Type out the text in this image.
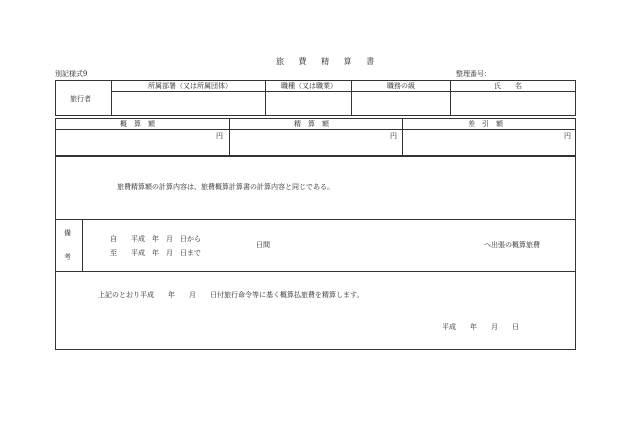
旅 費 精 算 書
別記様式9	整理番号：
旅行者
所属部署（又は所属団体）	職種（又は職業）	職務の級	氏　　名
概　算　額	精　算　額	差　引　額
円	円	円
旅費精算額の計算内容は、旅費概算計算書の計算内容と同じである。
備
考
自　　平成　年　月　日から
至　　平成　年　月　日まで
日間	へ出張の概算旅費
上記のとおり平成　　年　　月　　日付旅行命令等に基く概算払旅費を精算します。
平成　　年　　月　　日
